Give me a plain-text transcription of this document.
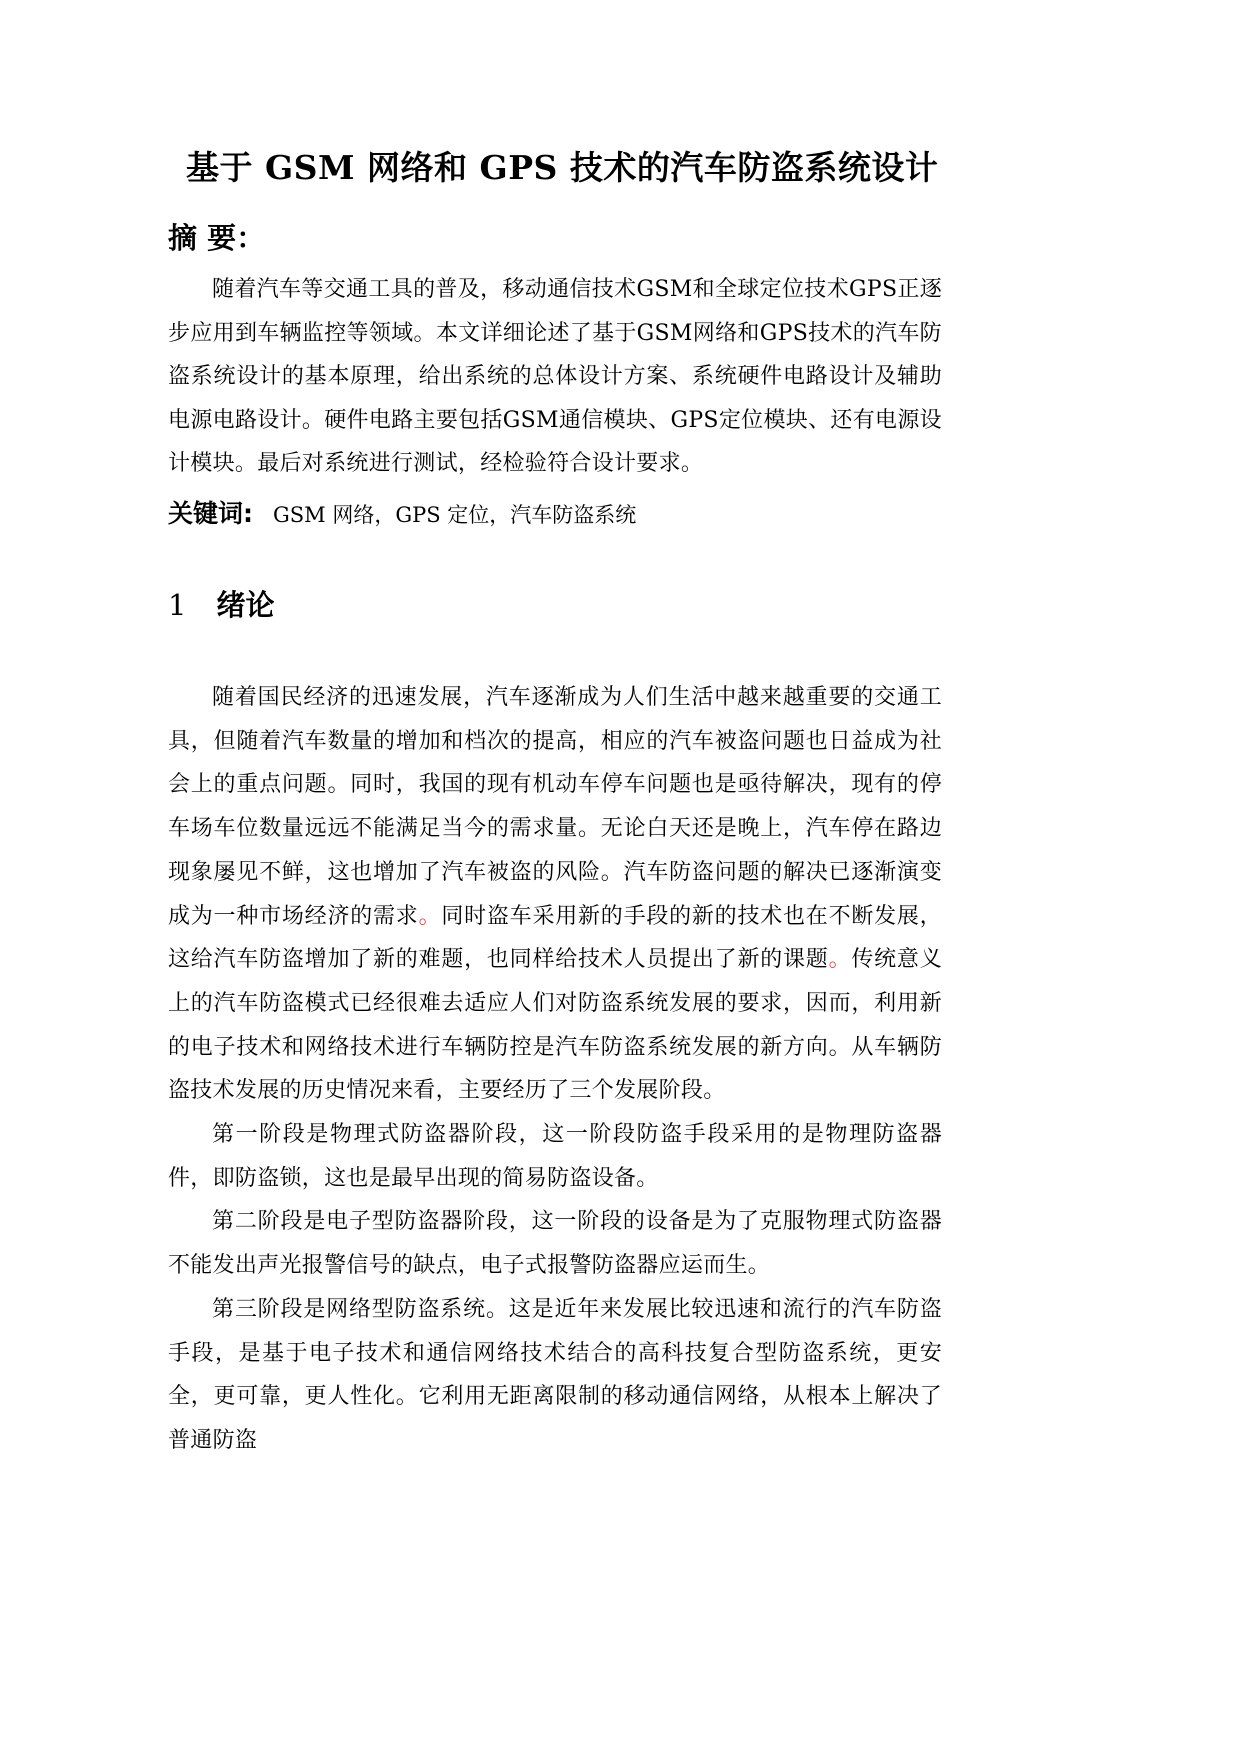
基于 GSM 网络和 GPS 技术的汽车防盗系统设计
摘 要：
随着汽车等交通工具的普及，移动通信技术GSM和全球定位技术GPS正逐步应用到车辆监控等领域。本文详细论述了基于GSM网络和GPS技术的汽车防盗系统设计的基本原理，给出系统的总体设计方案、系统硬件电路设计及辅助电源电路设计。硬件电路主要包括GSM通信模块、GPS定位模块、还有电源设计模块。最后对系统进行测试，经检验符合设计要求。
关键词: GSM 网络，GPS 定位，汽车防盗系统
1 绪论

随着国民经济的迅速发展，汽车逐渐成为人们生活中越来越重要的交通工具，但随着汽车数量的增加和档次的提高，相应的汽车被盗问题也日益成为社会上的重点问题。同时，我国的现有机动车停车问题也是亟待解决，现有的停车场车位数量远远不能满足当今的需求量。无论白天还是晚上，汽车停在路边现象屡见不鲜，这也增加了汽车被盗的风险。汽车防盗问题的解决已逐渐演变成为一种市场经济的需求。同时盗车采用新的手段的新的技术也在不断发展，这给汽车防盗增加了新的难题，也同样给技术人员提出了新的课题。传统意义上的汽车防盗模式已经很难去适应人们对防盗系统发展的要求，因而，利用新的电子技术和网络技术进行车辆防控是汽车防盗系统发展的新方向。从车辆防盗技术发展的历史情况来看，主要经历了三个发展阶段。

第一阶段是物理式防盗器阶段，这一阶段防盗手段采用的是物理防盗器件，即防盗锁，这也是最早出现的简易防盗设备。

第二阶段是电子型防盗器阶段，这一阶段的设备是为了克服物理式防盗器不能发出声光报警信号的缺点，电子式报警防盗器应运而生。

第三阶段是网络型防盗系统。这是近年来发展比较迅速和流行的汽车防盗手段，是基于电子技术和通信网络技术结合的高科技复合型防盗系统，更安全，更可靠，更人性化。它利用无距离限制的移动通信网络，从根本上解决了普通防盗
